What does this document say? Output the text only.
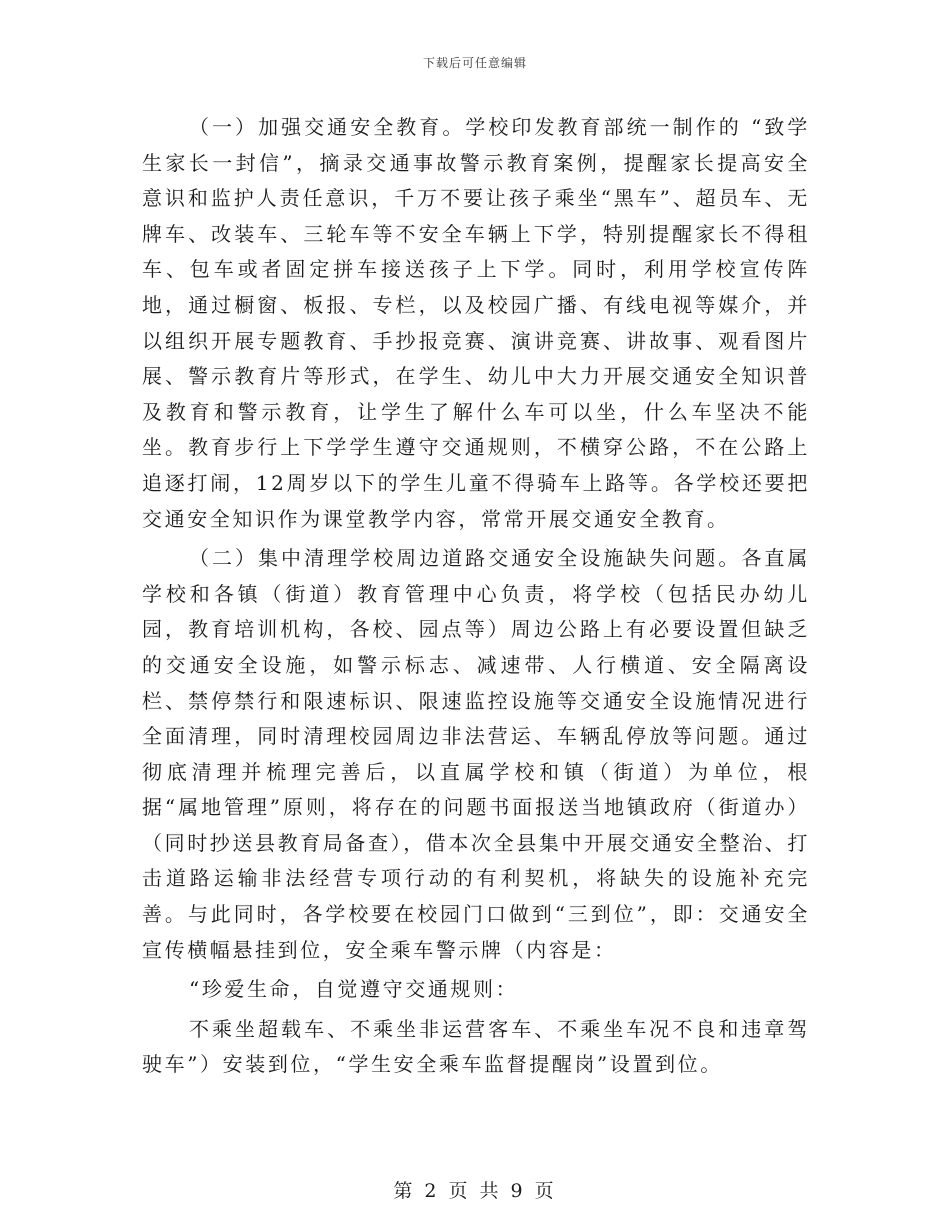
下载后可任意编辑

（一）加强交通安全教育。学校印发教育部统一制作的 “致学生家长一封信”，摘录交通事故警示教育案例，提醒家长提高安全意识和监护人责任意识，千万不要让孩子乘坐“黑车”、超员车、无牌车、改装车、三轮车等不安全车辆上下学，特别提醒家长不得租车、包车或者固定拼车接送孩子上下学。同时，利用学校宣传阵地，通过橱窗、板报、专栏，以及校园广播、有线电视等媒介，并以组织开展专题教育、手抄报竞赛、演讲竞赛、讲故事、观看图片展、警示教育片等形式，在学生、幼儿中大力开展交通安全知识普及教育和警示教育，让学生了解什么车可以坐，什么车坚决不能坐。教育步行上下学学生遵守交通规则，不横穿公路，不在公路上追逐打闹，12周岁以下的学生儿童不得骑车上路等。各学校还要把交通安全知识作为课堂教学内容，常常开展交通安全教育。

（二）集中清理学校周边道路交通安全设施缺失问题。各直属学校和各镇（街道）教育管理中心负责，将学校（包括民办幼儿园，教育培训机构，各校、园点等）周边公路上有必要设置但缺乏的交通安全设施，如警示标志、减速带、人行横道、安全隔离设栏、禁停禁行和限速标识、限速监控设施等交通安全设施情况进行全面清理，同时清理校园周边非法营运、车辆乱停放等问题。通过彻底清理并梳理完善后，以直属学校和镇（街道）为单位，根据“属地管理”原则，将存在的问题书面报送当地镇政府（街道办）（同时抄送县教育局备查），借本次全县集中开展交通安全整治、打击道路运输非法经营专项行动的有利契机，将缺失的设施补充完善。与此同时，各学校要在校园门口做到“三到位”，即：交通安全宣传横幅悬挂到位，安全乘车警示牌（内容是：

“珍爱生命，自觉遵守交通规则：

不乘坐超载车、不乘坐非运营客车、不乘坐车况不良和违章驾驶车”）安装到位，“学生安全乘车监督提醒岗”设置到位。

第 2 页 共 9 页
